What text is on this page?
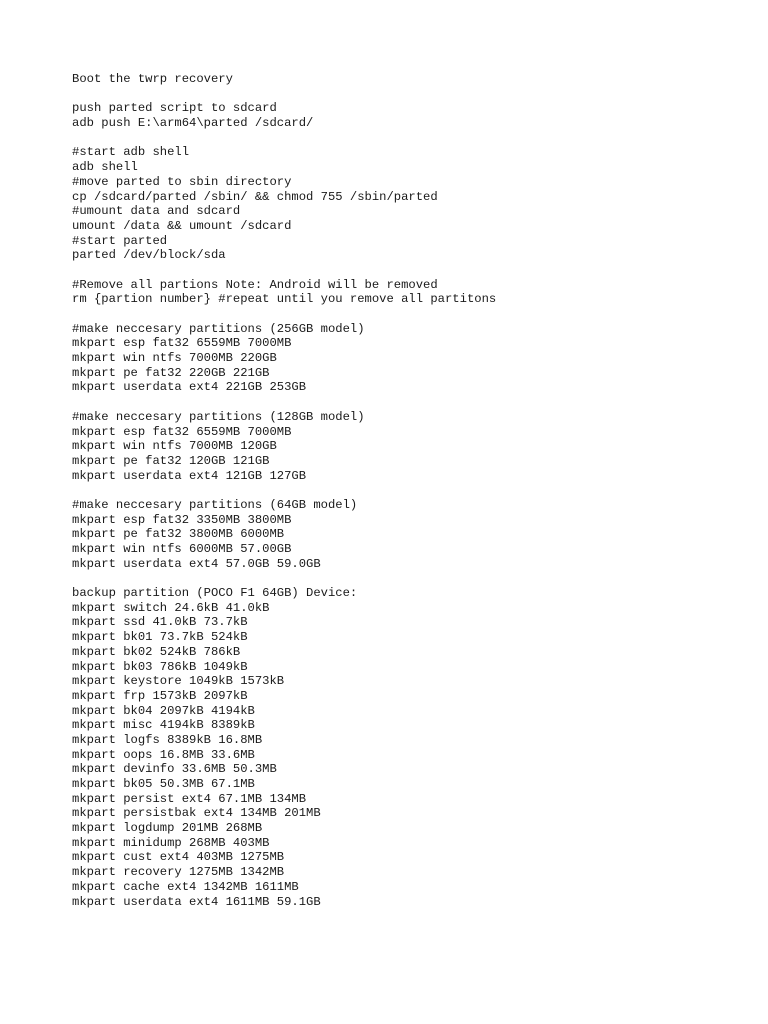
Boot the twrp recovery
push parted script to sdcard
adb push E:\arm64\parted /sdcard/
#start adb shell
adb shell
#move parted to sbin directory
cp /sdcard/parted /sbin/ && chmod 755 /sbin/parted
#umount data and sdcard
umount /data && umount /sdcard
#start parted
parted /dev/block/sda
#Remove all partions Note: Android will be removed
rm {partion number} #repeat until you remove all partitons
#make neccesary partitions (256GB model)
mkpart esp fat32 6559MB 7000MB
mkpart win ntfs 7000MB 220GB
mkpart pe fat32 220GB 221GB
mkpart userdata ext4 221GB 253GB
#make neccesary partitions (128GB model)
mkpart esp fat32 6559MB 7000MB
mkpart win ntfs 7000MB 120GB
mkpart pe fat32 120GB 121GB
mkpart userdata ext4 121GB 127GB
#make neccesary partitions (64GB model)
mkpart esp fat32 3350MB 3800MB
mkpart pe fat32 3800MB 6000MB
mkpart win ntfs 6000MB 57.00GB
mkpart userdata ext4 57.0GB 59.0GB
backup partition (POCO F1 64GB) Device:
mkpart switch 24.6kB 41.0kB
mkpart ssd 41.0kB 73.7kB
mkpart bk01 73.7kB 524kB
mkpart bk02 524kB 786kB
mkpart bk03 786kB 1049kB
mkpart keystore 1049kB 1573kB
mkpart frp 1573kB 2097kB
mkpart bk04 2097kB 4194kB
mkpart misc 4194kB 8389kB
mkpart logfs 8389kB 16.8MB
mkpart oops 16.8MB 33.6MB
mkpart devinfo 33.6MB 50.3MB
mkpart bk05 50.3MB 67.1MB
mkpart persist ext4 67.1MB 134MB
mkpart persistbak ext4 134MB 201MB
mkpart logdump 201MB 268MB
mkpart minidump 268MB 403MB
mkpart cust ext4 403MB 1275MB
mkpart recovery 1275MB 1342MB
mkpart cache ext4 1342MB 1611MB
mkpart userdata ext4 1611MB 59.1GB
